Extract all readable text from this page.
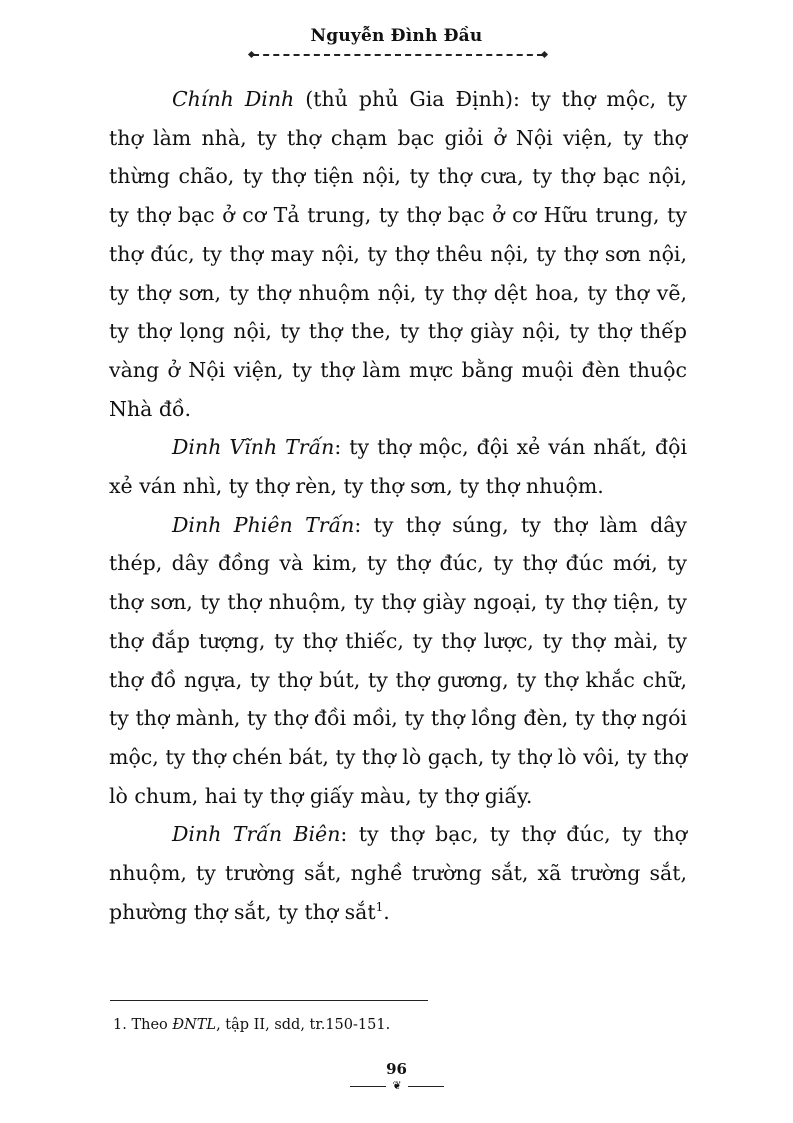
Nguyễn Đình Đầu

Chính Dinh (thủ phủ Gia Định): ty thợ mộc, ty thợ làm nhà, ty thợ chạm bạc giỏi ở Nội viện, ty thợ thừng chão, ty thợ tiện nội, ty thợ cưa, ty thợ bạc nội, ty thợ bạc ở cơ Tả trung, ty thợ bạc ở cơ Hữu trung, ty thợ đúc, ty thợ may nội, ty thợ thêu nội, ty thợ sơn nội, ty thợ sơn, ty thợ nhuộm nội, ty thợ dệt hoa, ty thợ vẽ, ty thợ lọng nội, ty thợ the, ty thợ giày nội, ty thợ thếp vàng ở Nội viện, ty thợ làm mực bằng muội đèn thuộc Nhà đồ.

Dinh Vĩnh Trấn: ty thợ mộc, đội xẻ ván nhất, đội xẻ ván nhì, ty thợ rèn, ty thợ sơn, ty thợ nhuộm.

Dinh Phiên Trấn: ty thợ súng, ty thợ làm dây thép, dây đồng và kim, ty thợ đúc, ty thợ đúc mới, ty thợ sơn, ty thợ nhuộm, ty thợ giày ngoại, ty thợ tiện, ty thợ đắp tượng, ty thợ thiếc, ty thợ lược, ty thợ mài, ty thợ đồ ngựa, ty thợ bút, ty thợ gương, ty thợ khắc chữ, ty thợ mành, ty thợ đồi mồi, ty thợ lồng đèn, ty thợ ngói mộc, ty thợ chén bát, ty thợ lò gạch, ty thợ lò vôi, ty thợ lò chum, hai ty thợ giấy màu, ty thợ giấy.

Dinh Trấn Biên: ty thợ bạc, ty thợ đúc, ty thợ nhuộm, ty trường sắt, nghề trường sắt, xã trường sắt, phường thợ sắt, ty thợ sắt$^1$.

1. Theo ĐNTL, tập II, sdd, tr.150-151.
96
❦
